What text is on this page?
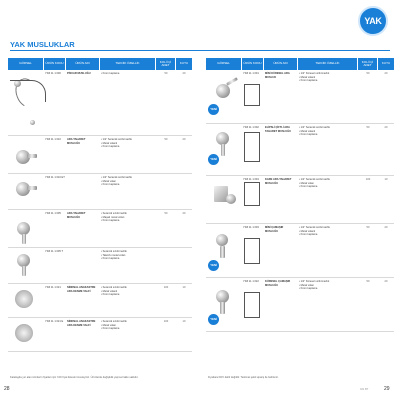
YAK
YAK MUSLUKLAR
GÖRSEL	ÜRÜN KODU	ÜRÜN ADI	TEKNİK ÖZELLİK	KOLİ İÇİ ADET	KUTU
YDZ 11 1 000	PİSUAR MUSLUĞU	• Krom kaplama	50	20
YDZ 11 1 010	ARA TAHARET MUSLUĞU
• 1/2" Seramik sızdırmazlık
• Metal volanlı
• Krom kaplama
50	20
YDZ 11 1 010 ET	• 1/2" Seramik sızdırmazlık
• Metal volan
• Krom kaplama
YDZ 11 1 005	ARA TAHARET MUSLUĞU
• Seramik sızdırmazlık
• Maşalı metal volan
• Krom kaplama
50	20
YDZ 11 1 005 T	• Seramik sızdırmazlık
• Takozlu metal volan
• Krom kaplama
YDZ 11 1 021	SİNKNAL ANAKASTRE ARA KESME VALFİ
• Seramik sızdırmazlık
• Metal volanlı
• Krom kaplama
100	10
YDZ 11 1 021 E	SİNKNAL ANAKASTRE ARA KESME VALFİ
• Seramik sızdırmazlık
• Metal volan
• Krom kaplama
100	10
GÖRSEL	ÜRÜN KODU	ÜRÜN ADI	TEKNİK ÖZELLİK	KOLİ İÇİ ADET	KUTU
YENİ
YDZ 11 1 001	MİNİ KÜRESEL ARA MUSLUK
• 1/2" Küresel sızdırmazlık
• Metal volanlı
• Krom kaplama
50	20
YENİ
YDZ 11 1 002	ELİPSLİ ÇİFTLİ ARA TAHARET MUSLUĞU
• 1/2" Seramik sızdırmazlık
• Metal volanlı
• Krom kaplama
50	20
YDZ 11 1 004	KARE ARA TAHARET MUSLUĞU
• 1/2" Seramik sızdırmazlık
• Metal volan
• Krom kaplama
100	10
YENİ
YDZ 11 1 003	MİNİ ÇAMAŞIR MUSLUĞU
• 1/2" Seramik sızdırmazlık
• Metal volanlı
• Krom kaplama
50	20
YENİ
YDZ 11 1 022	KÜRESEL ÇAMAŞIR MUSLUĞU
• 1/2" Küresel sızdırmazlık
• Metal volan
• Krom kaplama
50	20
Katalogda yer alan ürünlerin fiyatları için YAK fiyat listesini inceleyiniz. Ürünlerde değişiklik yapma hakkı saklıdır.	Fiyatlara KDV dahil değildir. Teslimat şekli sipariş ile belirlenir.
28	021 BT	29
